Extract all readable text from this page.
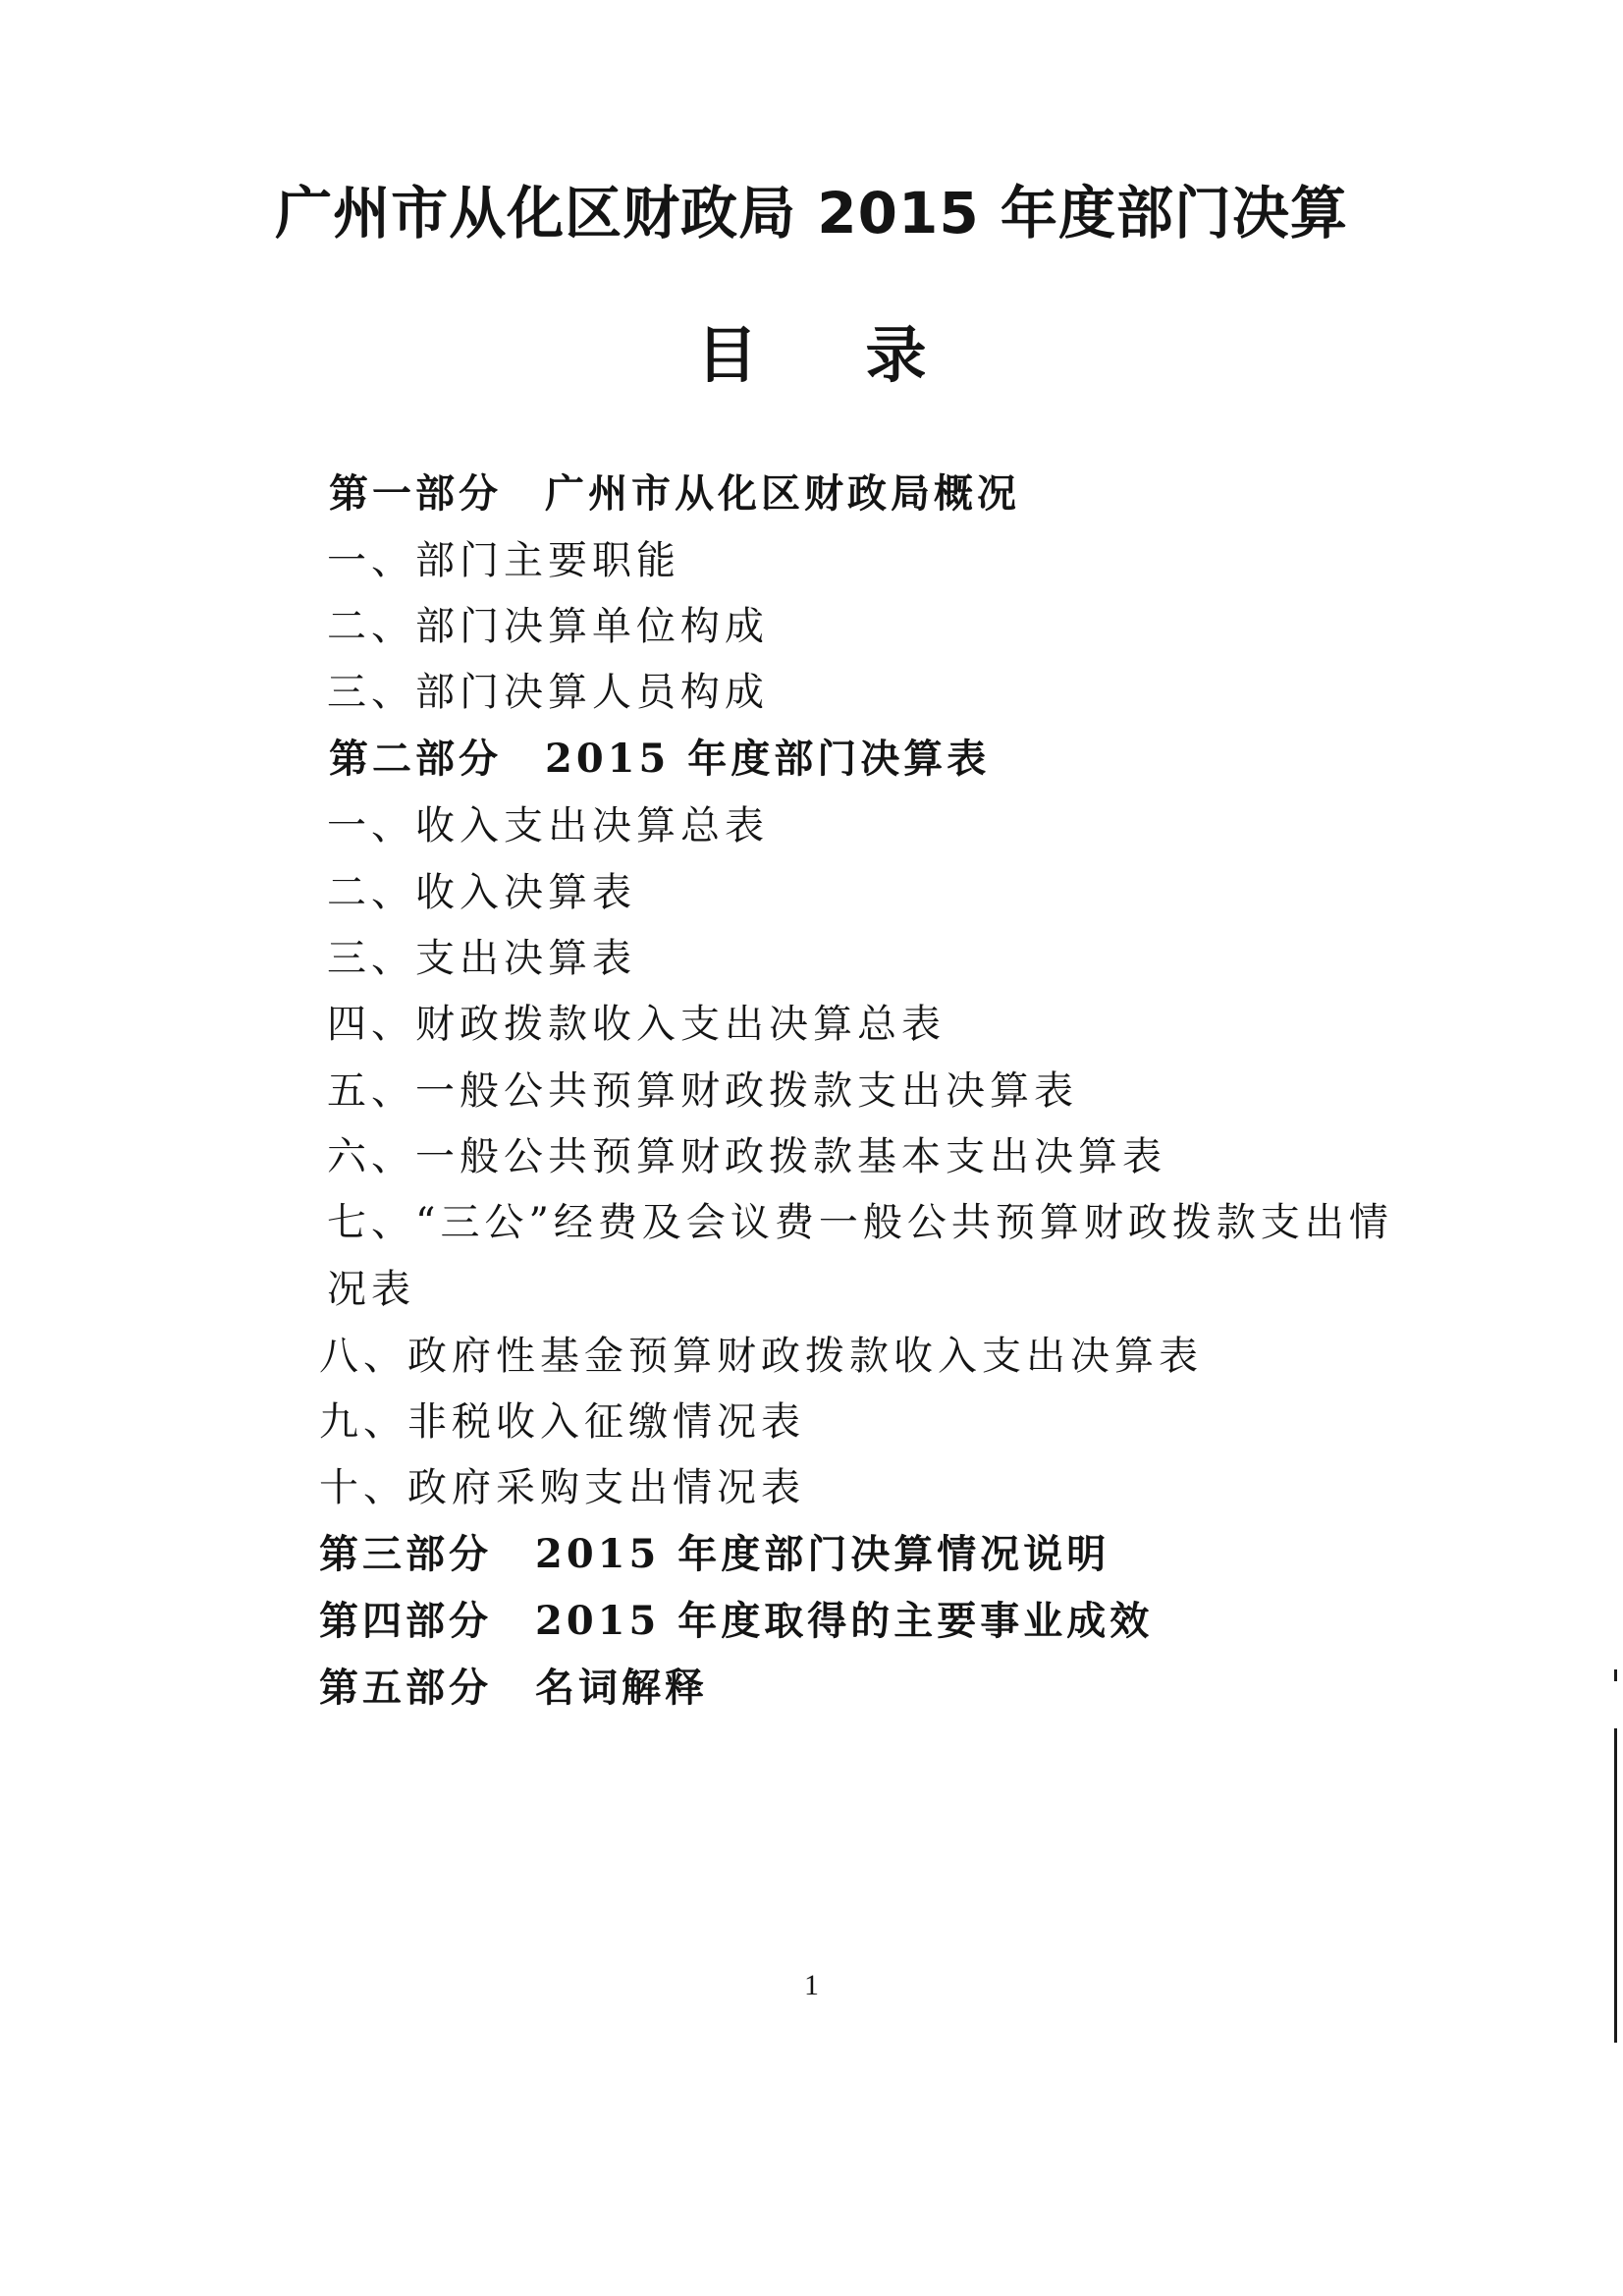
广州市从化区财政局 2015 年度部门决算
目录
第一部分 广州市从化区财政局概况
一、部门主要职能
二、部门决算单位构成
三、部门决算人员构成
第二部分 2015 年度部门决算表
一、收入支出决算总表
二、收入决算表
三、支出决算表
四、财政拨款收入支出决算总表
五、一般公共预算财政拨款支出决算表
六、一般公共预算财政拨款基本支出决算表
七、“三公”经费及会议费一般公共预算财政拨款支出情
况表
八、政府性基金预算财政拨款收入支出决算表
九、非税收入征缴情况表
十、政府采购支出情况表
第三部分 2015 年度部门决算情况说明
第四部分 2015 年度取得的主要事业成效
第五部分 名词解释
1
